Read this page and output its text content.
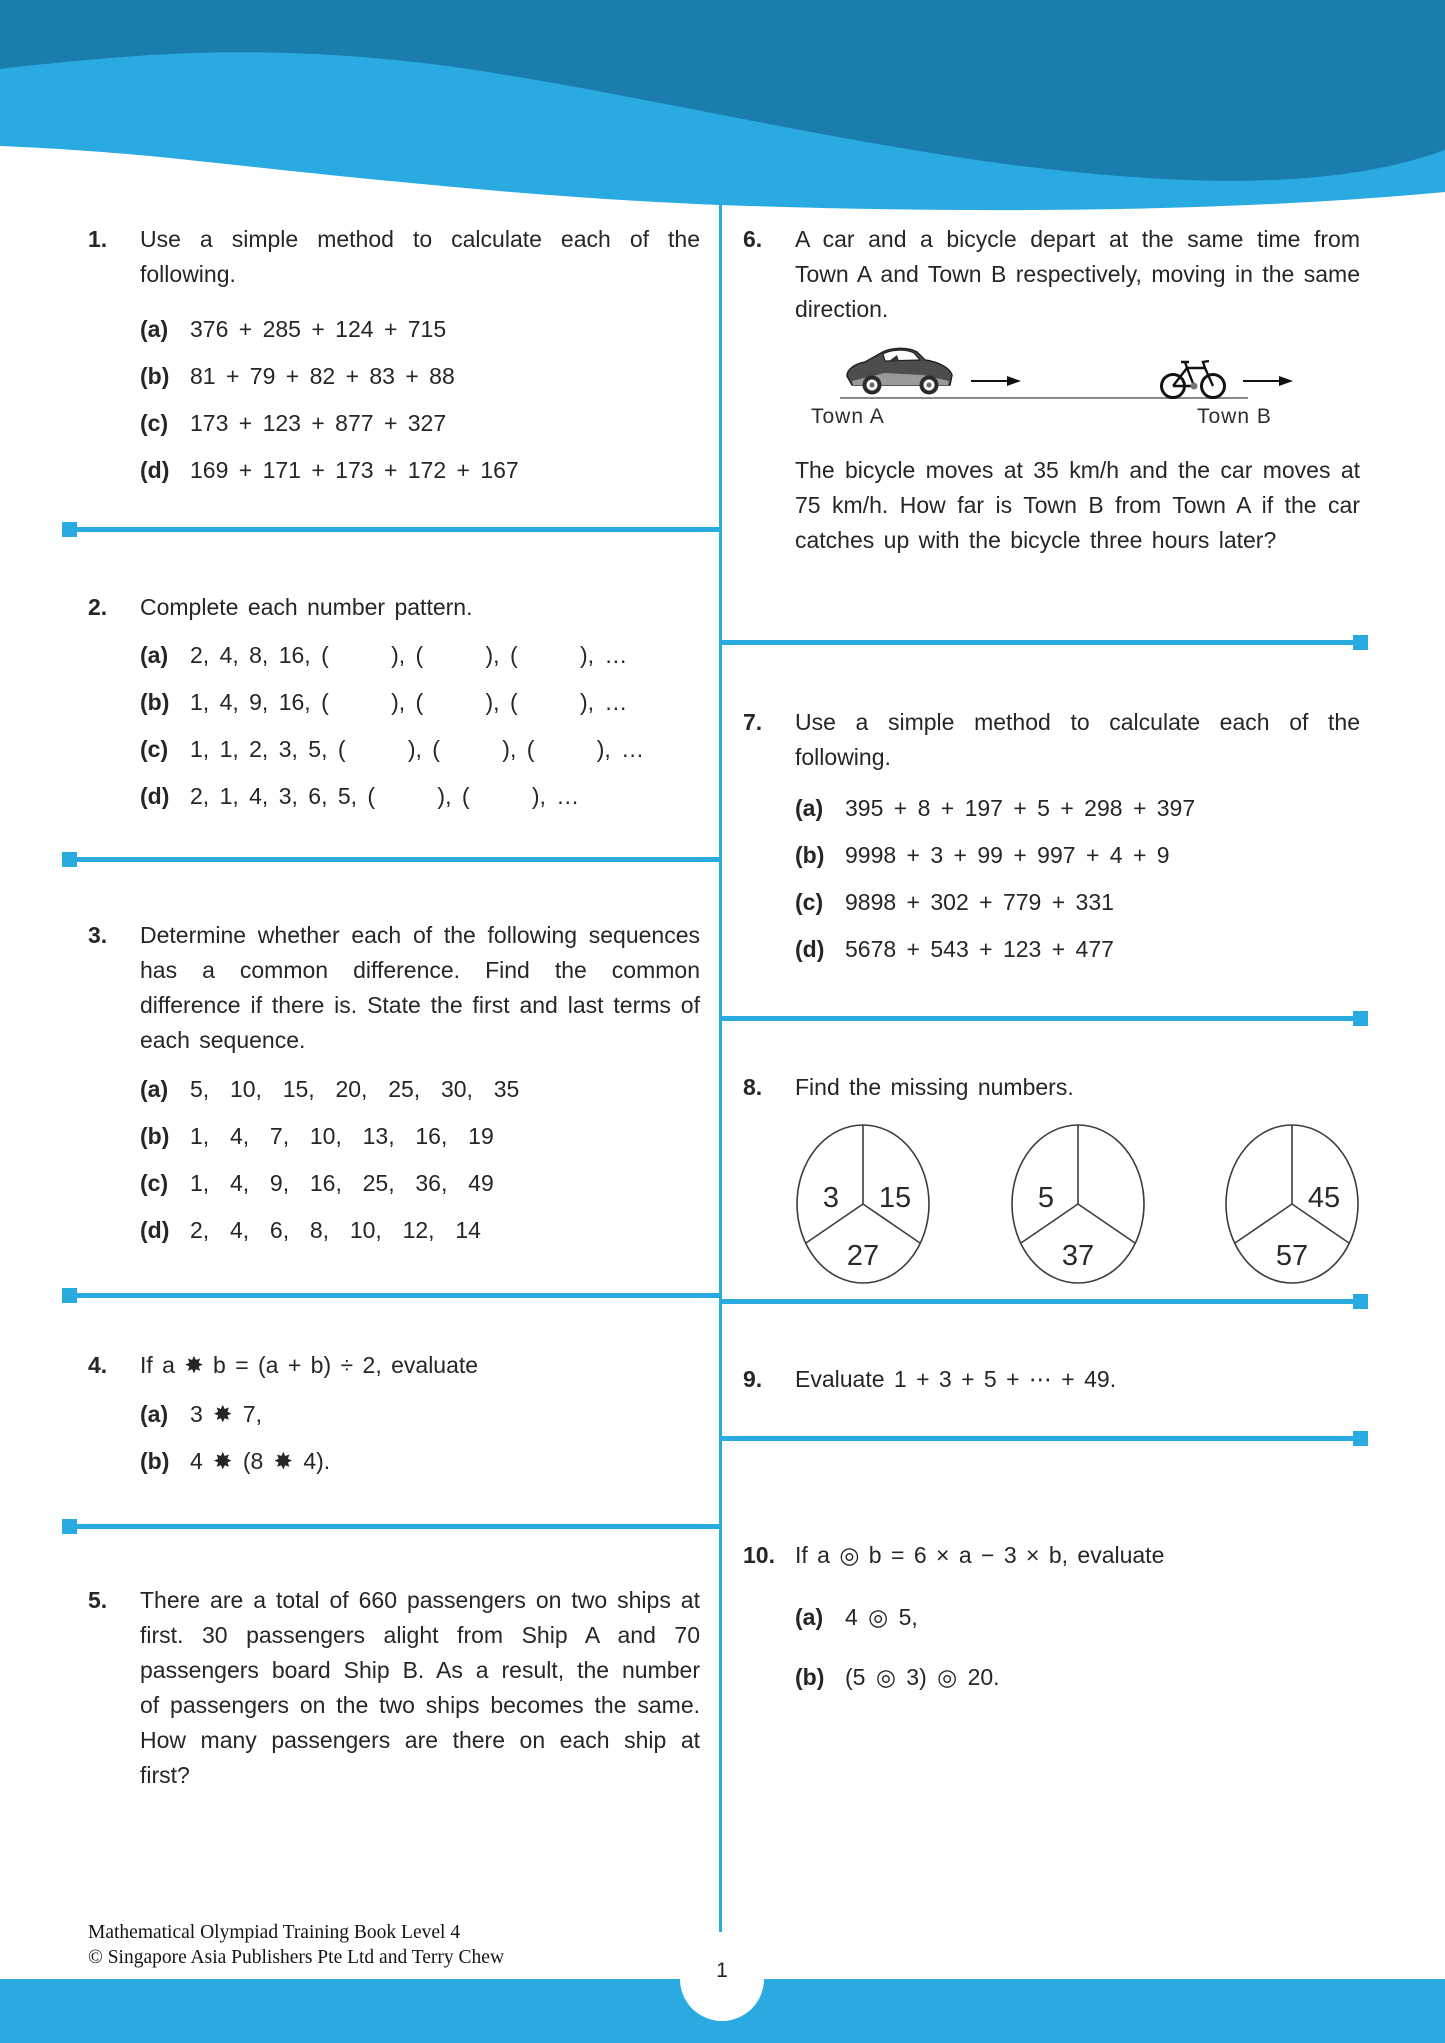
1.	Use a simple method to calculate each of the following.
(a) 376 + 285 + 124 + 715
(b) 81 + 79 + 82 + 83 + 88
(c) 173 + 123 + 877 + 327
(d) 169 + 171 + 173 + 172 + 167
2.	Complete each number pattern.
(a) 2, 4, 8, 16, (      ), (      ), (      ), …
(b) 1, 4, 9, 16, (      ), (      ), (      ), …
(c) 1, 1, 2, 3, 5, (      ), (      ), (      ), …
(d) 2, 1, 4, 3, 6, 5, (      ), (      ), …
3.	Determine whether each of the following sequences has a common difference. Find the common difference if there is. State the first and last terms of each sequence.
(a) 5,  10,  15,  20,  25,  30,  35
(b) 1,  4,  7,  10,  13,  16,  19
(c) 1,  4,  9,  16,  25,  36,  49
(d) 2,  4,  6,  8,  10,  12,  14
4.	If a ✸ b = (a + b) ÷ 2, evaluate
(a) 3 ✸ 7,
(b) 4 ✸ (8 ✸ 4).
5.	There are a total of 660 passengers on two ships at first. 30 passengers alight from Ship A and 70 passengers board Ship B. As a result, the number of passengers on the two ships becomes the same. How many passengers are there on each ship at first?
6.	A car and a bicycle depart at the same time from Town A and Town B respectively, moving in the same direction.
Town A	Town B
The bicycle moves at 35 km/h and the car moves at 75 km/h. How far is Town B from Town A if the car catches up with the bicycle three hours later?
7.	Use a simple method to calculate each of the following.
(a) 395 + 8 + 197 + 5 + 298 + 397
(b) 9998 + 3 + 99 + 997 + 4 + 9
(c) 9898 + 302 + 779 + 331
(d) 5678 + 543 + 123 + 477
8.	Find the missing numbers.
3 15
27
5
37
45
57
9.	Evaluate 1 + 3 + 5 + ⋯ + 49.
10. If a ◎ b = 6 × a − 3 × b, evaluate
(a) 4 ◎ 5,
(b) (5 ◎ 3) ◎ 20.
Mathematical Olympiad Training Book Level 4
© Singapore Asia Publishers Pte Ltd and Terry Chew
1
